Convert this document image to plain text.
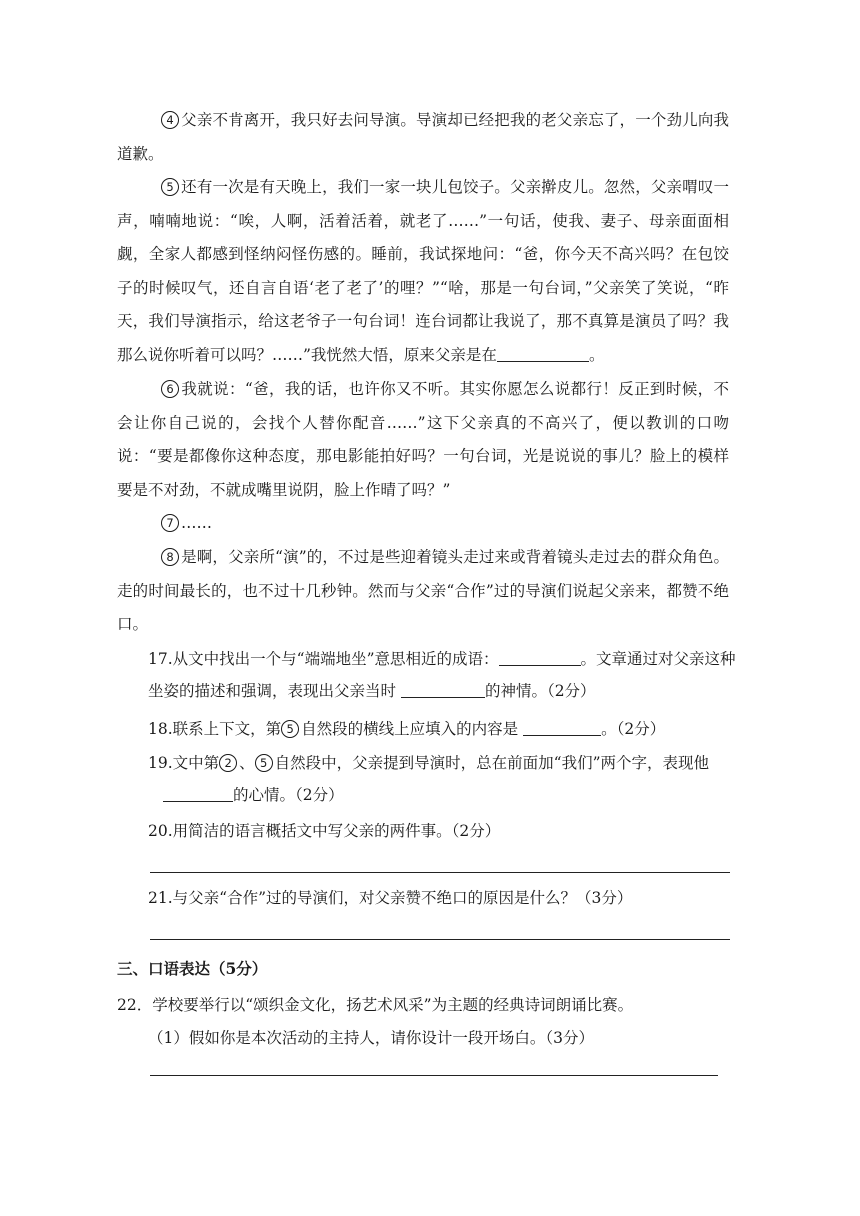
4 父亲不肯离开，我只好去问导演。导演却已经把我的老父亲忘了，一个劲儿向我道歉。

5 还有一次是有天晚上，我们一家一块儿包饺子。父亲擀皮儿。忽然，父亲喟叹一声，喃喃地说：“唉，人啊，活着活着，就老了……”一句话，使我、妻子、母亲面面相觑，全家人都感到怪纳闷怪伤感的。睡前，我试探地问：“爸，你今天不高兴吗？在包饺子的时候叹气，还自言自语‘老了老了’的哩？”“啥，那是一句台词，”父亲笑了笑说，“昨天，我们导演指示，给这老爷子一句台词！连台词都让我说了，那不真算是演员了吗？我那么说你听着可以吗？……”我恍然大悟，原来父亲是在	。

6 我就说：“爸，我的话，也许你又不听。其实你愿怎么说都行！反正到时候，不会让你自己说的，会找个人替你配音……”这下父亲真的不高兴了，便以教训的口吻说：“要是都像你这种态度，那电影能拍好吗？一句台词，光是说说的事儿？脸上的模样要是不对劲，不就成嘴里说阴，脸上作晴了吗？”

7 ……

8 是啊，父亲所“演”的，不过是些迎着镜头走过来或背着镜头走过去的群众角色。走的时间最长的，也不过十几秒钟。然而与父亲“合作”过的导演们说起父亲来，都赞不绝口。

17.从文中找出一个与“端端地坐”意思相近的成语：	。文章通过对父亲这种
坐姿的描述和强调，表现出父亲当时	的神情。（2分）

18.联系上下文，第 5 自然段的横线上应填入的内容是	。（2分）

19.文中第 2 、 5 自然段中，父亲提到导演时，总在前面加“我们”两个字，表现他
的心情。（2分）

20.用简洁的语言概括文中写父亲的两件事。（2分）

21.与父亲“合作”过的导演们，对父亲赞不绝口的原因是什么？（3分）

三、口语表达（5分）

22．学校要举行以“颂织金文化，扬艺术风采”为主题的经典诗词朗诵比赛。

（1）假如你是本次活动的主持人，请你设计一段开场白。（3分）
